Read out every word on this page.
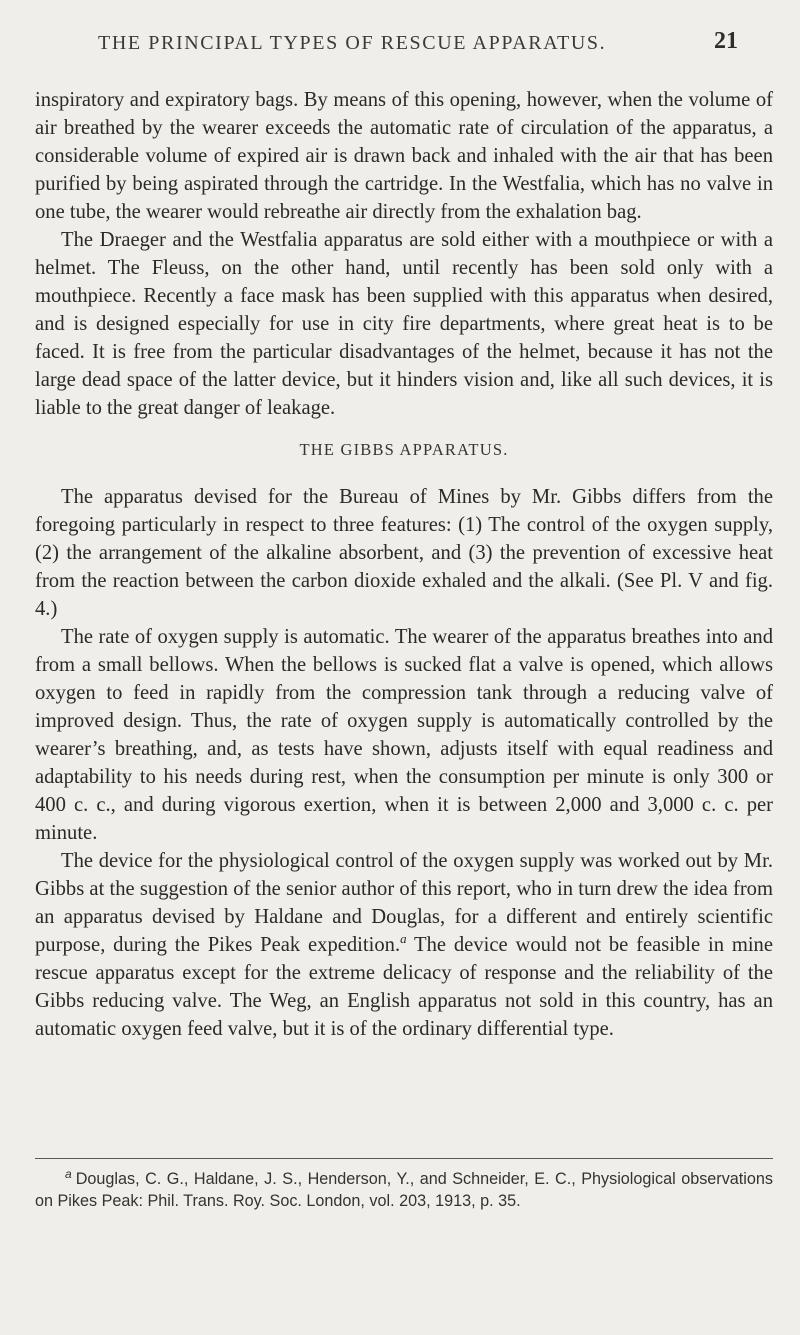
THE PRINCIPAL TYPES OF RESCUE APPARATUS.	21

inspiratory and expiratory bags. By means of this opening, however, when the volume of air breathed by the wearer exceeds the automatic rate of circulation of the apparatus, a considerable volume of expired air is drawn back and inhaled with the air that has been purified by being aspirated through the cartridge. In the Westfalia, which has no valve in one tube, the wearer would rebreathe air directly from the exhalation bag.

The Draeger and the Westfalia apparatus are sold either with a mouthpiece or with a helmet. The Fleuss, on the other hand, until recently has been sold only with a mouthpiece. Recently a face mask has been supplied with this apparatus when desired, and is designed especially for use in city fire departments, where great heat is to be faced. It is free from the particular disadvantages of the helmet, because it has not the large dead space of the latter device, but it hinders vision and, like all such devices, it is liable to the great danger of leakage.

THE GIBBS APPARATUS.

The apparatus devised for the Bureau of Mines by Mr. Gibbs differs from the foregoing particularly in respect to three features: (1) The control of the oxygen supply, (2) the arrangement of the alkaline absorbent, and (3) the prevention of excessive heat from the reaction between the carbon dioxide exhaled and the alkali. (See Pl. V and fig. 4.)

The rate of oxygen supply is automatic. The wearer of the apparatus breathes into and from a small bellows. When the bellows is sucked flat a valve is opened, which allows oxygen to feed in rapidly from the compression tank through a reducing valve of improved design. Thus, the rate of oxygen supply is automatically controlled by the wearer’s breathing, and, as tests have shown, adjusts itself with equal readiness and adaptability to his needs during rest, when the consumption per minute is only 300 or 400 c. c., and during vigorous exertion, when it is between 2,000 and 3,000 c. c. per minute.

The device for the physiological control of the oxygen supply was worked out by Mr. Gibbs at the suggestion of the senior author of this report, who in turn drew the idea from an apparatus devised by Haldane and Douglas, for a different and entirely scientific purpose, during the Pikes Peak expedition.$^a$ The device would not be feasible in mine rescue apparatus except for the extreme delicacy of response and the reliability of the Gibbs reducing valve. The Weg, an English apparatus not sold in this country, has an automatic oxygen feed valve, but it is of the ordinary differential type.

$^a$ Douglas, C. G., Haldane, J. S., Henderson, Y., and Schneider, E. C., Physiological observations on Pikes Peak: Phil. Trans. Roy. Soc. London, vol. 203, 1913, p. 35.
